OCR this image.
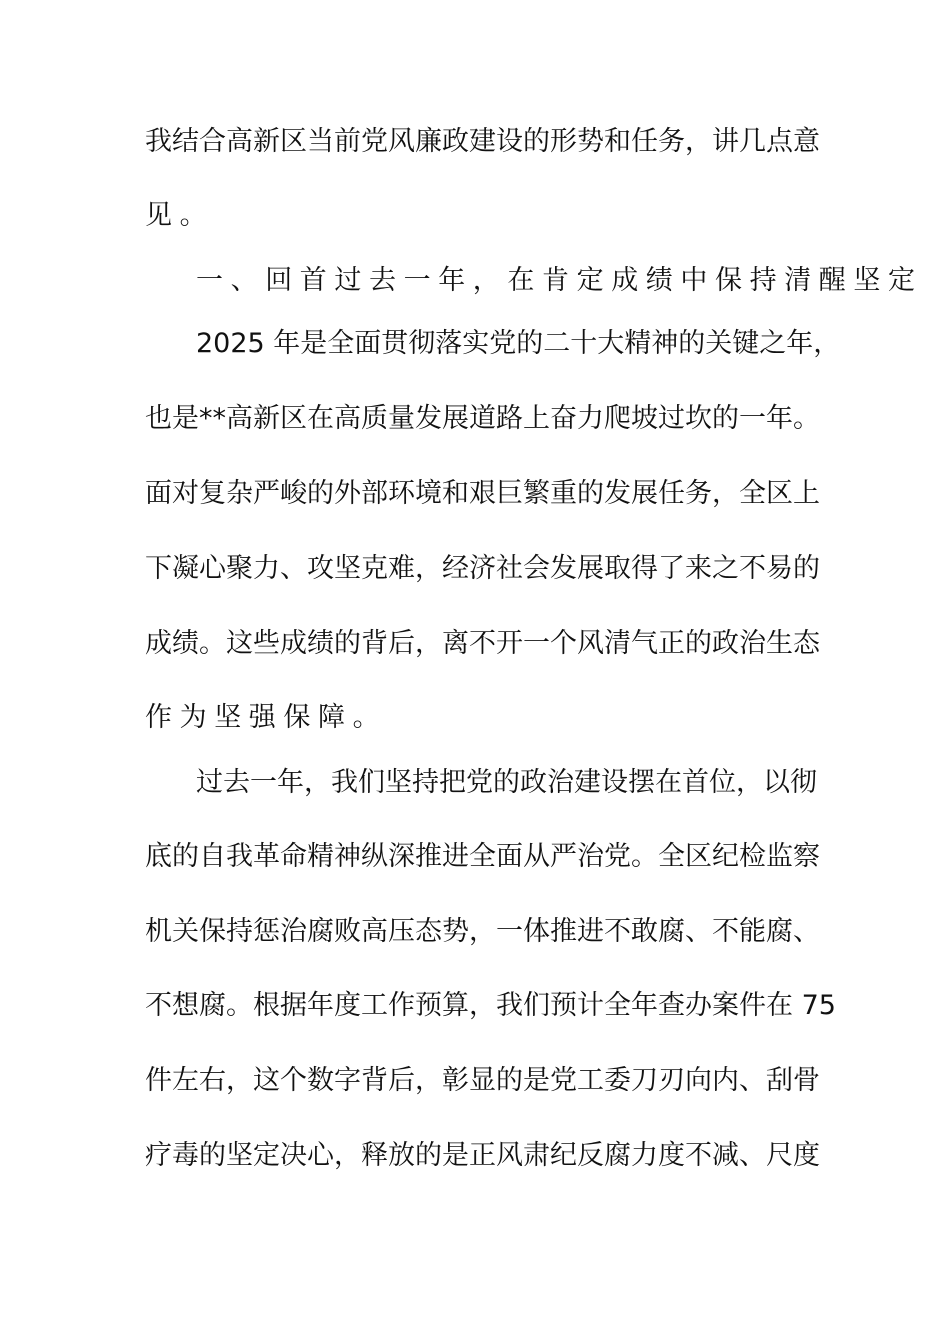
我结合高新区当前党风廉政建设的形势和任务，讲几点意
见。
一、回首过去一年，在肯定成绩中保持清醒坚定
2025 年是全面贯彻落实党的二十大精神的关键之年，
也是**高新区在高质量发展道路上奋力爬坡过坎的一年。
面对复杂严峻的外部环境和艰巨繁重的发展任务，全区上
下凝心聚力、攻坚克难，经济社会发展取得了来之不易的
成绩。这些成绩的背后，离不开一个风清气正的政治生态
作为坚强保障。
过去一年，我们坚持把党的政治建设摆在首位，以彻
底的自我革命精神纵深推进全面从严治党。全区纪检监察
机关保持惩治腐败高压态势，一体推进不敢腐、不能腐、
不想腐。根据年度工作预算，我们预计全年查办案件在 75
件左右，这个数字背后，彰显的是党工委刀刃向内、刮骨
疗毒的坚定决心，释放的是正风肃纪反腐力度不减、尺度
